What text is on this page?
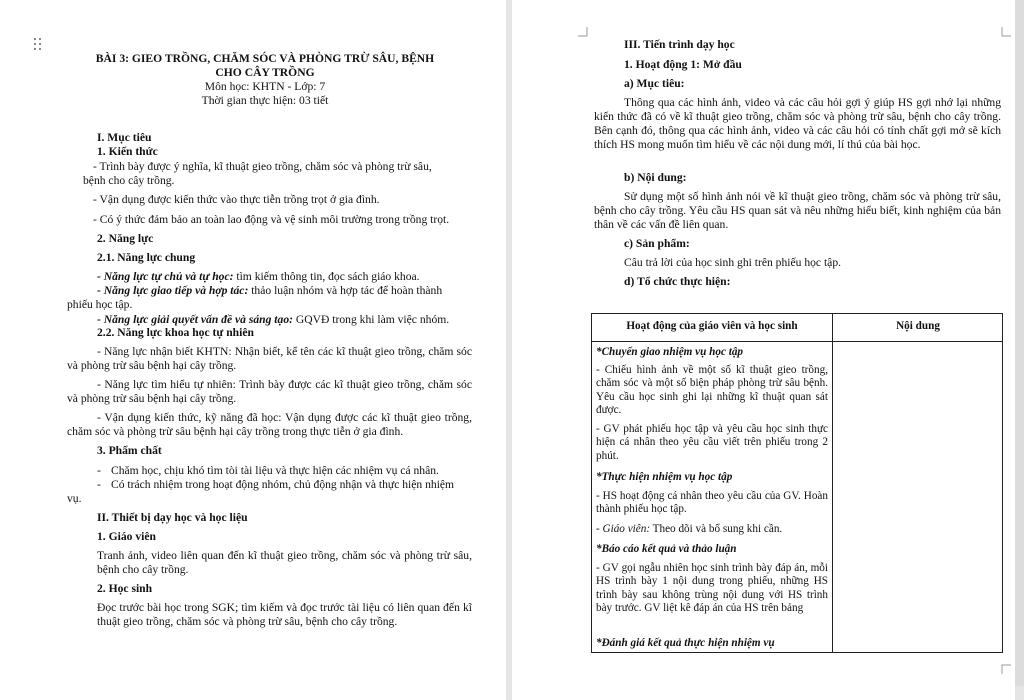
BÀI 3: GIEO TRỒNG, CHĂM SÓC VÀ PHÒNG TRỪ SÂU, BỆNH
CHO CÂY TRỒNG
Môn học: KHTN - Lớp: 7
Thời gian thực hiện: 03 tiết
I. Mục tiêu
1. Kiến thức
- Trình bày được ý nghĩa, kĩ thuật gieo trồng, chăm sóc và phòng trừ sâu,
bệnh cho cây trồng.
- Vận dụng được kiến thức vào thực tiễn trồng trọt ở gia đình.
- Có ý thức đảm bảo an toàn lao động và vệ sinh môi trường trong trồng trọt.
2. Năng lực
2.1. Năng lực chung
- Năng lực tự chủ và tự học: tìm kiếm thông tin, đọc sách giáo khoa.
- Năng lực giao tiếp và hợp tác: thảo luận nhóm và hợp tác để hoàn thành
phiếu học tập.
- Năng lực giải quyết vấn đề và sáng tạo: GQVĐ trong khi làm việc nhóm.
2.2. Năng lực khoa học tự nhiên
- Năng lực nhận biết KHTN: Nhận biết, kể tên các kĩ thuật gieo trồng, chăm sóc và phòng trừ sâu bệnh hại cây trồng.
- Năng lực tìm hiểu tự nhiên: Trình bày được các kĩ thuật gieo trồng, chăm sóc và phòng trừ sâu bệnh hại cây trồng.
- Vận dụng kiến thức, kỹ năng đã học: Vận dụng được các kĩ thuật gieo trồng, chăm sóc và phòng trừ sâu bệnh hại cây trồng trong thực tiễn ở gia đình.
3. Phẩm chất
-
Chăm học, chịu khó tìm tòi tài liệu và thực hiện các nhiệm vụ cá nhân.
-
Có trách nhiệm trong hoạt động nhóm, chủ động nhận và thực hiện nhiệm
vụ.
II. Thiết bị dạy học và học liệu
1. Giáo viên
Tranh ảnh, video liên quan đến kĩ thuật gieo trồng, chăm sóc và phòng trừ sâu, bệnh cho cây trồng.
2. Học sinh
Đọc trước bài học trong SGK; tìm kiếm và đọc trước tài liệu có liên quan đến kĩ thuật gieo trồng, chăm sóc và phòng trừ sâu, bệnh cho cây trồng.
III. Tiến trình dạy học
1. Hoạt động 1: Mở đầu
a) Mục tiêu:
Thông qua các hình ảnh, video và các câu hỏi gợi ý giúp HS gợi nhớ lại những kiến thức đã có về kĩ thuật gieo trồng, chăm sóc và phòng trừ sâu, bệnh cho cây trồng. Bên cạnh đó, thông qua các hình ảnh, video và các câu hỏi có tính chất gợi mở sẽ kích thích HS mong muốn tìm hiểu về các nội dung mới, lí thú của bài học.
b) Nội dung:
Sử dụng một số hình ảnh nói về kĩ thuật gieo trồng, chăm sóc và phòng trừ sâu, bệnh cho cây trồng. Yêu cầu HS quan sát và nêu những hiểu biết, kinh nghiệm của bản thân về các vấn đề liên quan.
c) Sản phẩm:
Câu trả lời của học sinh ghi trên phiếu học tập.
d) Tổ chức thực hiện:
Hoạt động của giáo viên và học sinh	Nội dung
*Chuyển giao nhiệm vụ học tập
- Chiếu hình ảnh về một số kĩ thuật gieo trồng, chăm sóc và một số biện pháp phòng trừ sâu bệnh. Yêu cầu học sinh ghi lại những kĩ thuật quan sát được.
- GV phát phiếu học tập và yêu cầu học sinh thực hiện cá nhân theo yêu cầu viết trên phiếu trong 2 phút.
*Thực hiện nhiệm vụ học tập
- HS hoạt động cá nhân theo yêu cầu của GV. Hoàn thành phiếu học tập.
- Giáo viên: Theo dõi và bổ sung khi cần.
*Báo cáo kết quả và thảo luận
- GV gọi ngẫu nhiên học sinh trình bày đáp án, mỗi HS trình bày 1 nội dung trong phiếu, những HS trình bày sau không trùng nội dung với HS trình bày trước. GV liệt kê đáp án của HS trên bảng
*Đánh giá kết quả thực hiện nhiệm vụ
